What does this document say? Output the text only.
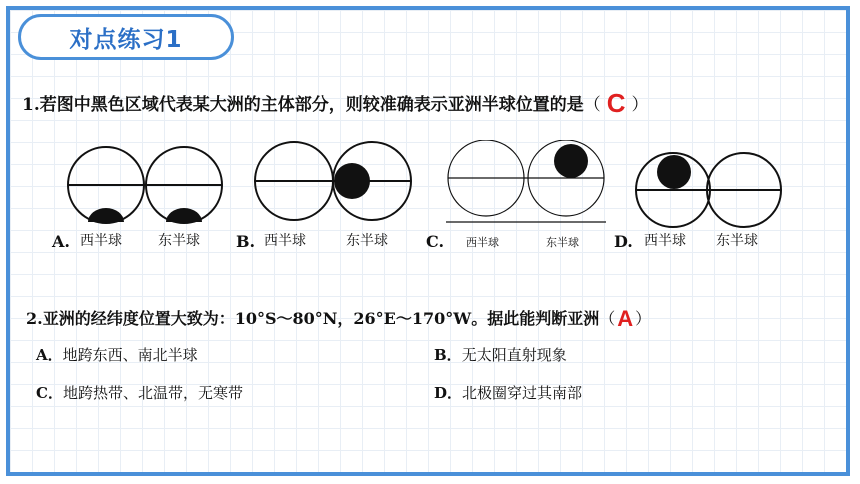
对点练习1
1.若图中黑色区域代表某大洲的主体部分，则较准确表示亚洲半球位置的是（ C ）
A.	B.	C.	D.
西半球	东半球	西半球	东半球	西半球	东半球	西半球 东半球
2.亚洲的经纬度位置大致为：10°S～80°N，26°E～170°W。据此能判断亚洲（A ）
A．地跨东西、南北半球	B．无太阳直射现象
C．地跨热带、北温带，无寒带	D．北极圈穿过其南部
